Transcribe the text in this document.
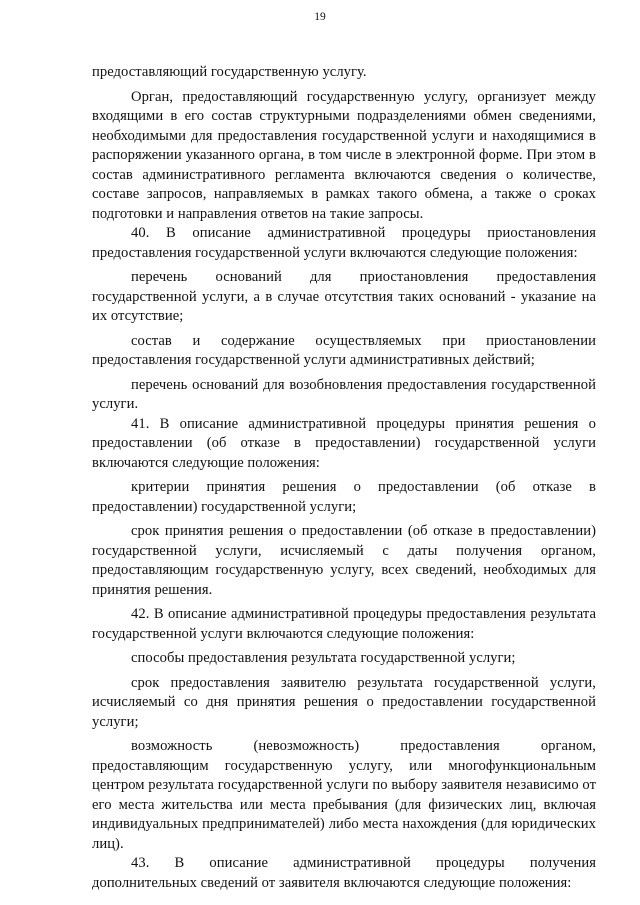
19

предоставляющий государственную услугу.

Орган, предоставляющий государственную услугу, организует между входящими в его состав структурными подразделениями обмен сведениями, необходимыми для предоставления государственной услуги и находящимися в распоряжении указанного органа, в том числе в электронной форме. При этом в состав административного регламента включаются сведения о количестве, составе запросов, направляемых в рамках такого обмена, а также о сроках подготовки и направления ответов на такие запросы.

40. В описание административной процедуры приостановления предоставления государственной услуги включаются следующие положения:

перечень оснований для приостановления предоставления государственной услуги, а в случае отсутствия таких оснований - указание на их отсутствие;

состав и содержание осуществляемых при приостановлении предоставления государственной услуги административных действий;

перечень оснований для возобновления предоставления государственной услуги.

41. В описание административной процедуры принятия решения о предоставлении (об отказе в предоставлении) государственной услуги включаются следующие положения:

критерии принятия решения о предоставлении (об отказе в предоставлении) государственной услуги;

срок принятия решения о предоставлении (об отказе в предоставлении) государственной услуги, исчисляемый с даты получения органом, предоставляющим государственную услугу, всех сведений, необходимых для принятия решения.

42. В описание административной процедуры предоставления результата государственной услуги включаются следующие положения:

способы предоставления результата государственной услуги;

срок предоставления заявителю результата государственной услуги, исчисляемый со дня принятия решения о предоставлении государственной услуги;

возможность (невозможность) предоставления органом, предоставляющим государственную услугу, или многофункциональным центром результата государственной услуги по выбору заявителя независимо от его места жительства или места пребывания (для физических лиц, включая индивидуальных предпринимателей) либо места нахождения (для юридических лиц).

43. В описание административной процедуры получения дополнительных сведений от заявителя включаются следующие положения:
